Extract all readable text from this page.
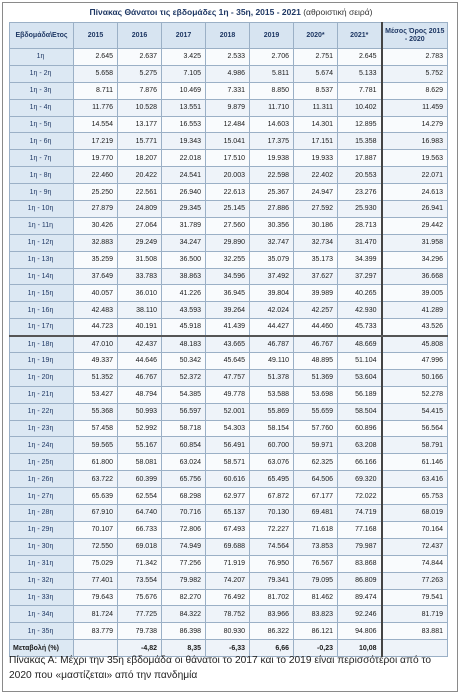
Πίνακας Θάνατοι τις εβδομάδες 1η - 35η, 2015 - 2021 (αθροιστική σειρά)
Εβδομάδα\Ετος	2015	2016	2017	2018	2019	2020*	2021*	Μέσος Όρος 2015 - 2020
1η	2.645	2.637	3.425	2.533	2.706	2.751	2.645	2.783
1η - 2η	5.658	5.275	7.105	4.986	5.811	5.674	5.133	5.752
1η - 3η	8.711	7.876	10.469	7.331	8.850	8.537	7.781	8.629
1η - 4η	11.776	10.528	13.551	9.879	11.710	11.311	10.402	11.459
1η - 5η	14.554	13.177	16.553	12.484	14.603	14.301	12.895	14.279
1η - 6η	17.219	15.771	19.343	15.041	17.375	17.151	15.358	16.983
1η - 7η	19.770	18.207	22.018	17.510	19.938	19.933	17.887	19.563
1η - 8η	22.460	20.422	24.541	20.003	22.598	22.402	20.553	22.071
1η - 9η	25.250	22.561	26.940	22.613	25.367	24.947	23.276	24.613
1η - 10η	27.879	24.809	29.345	25.145	27.886	27.592	25.930	26.941
1η - 11η	30.426	27.064	31.789	27.560	30.356	30.186	28.713	29.442
1η - 12η	32.883	29.249	34.247	29.890	32.747	32.734	31.470	31.958
1η - 13η	35.259	31.508	36.500	32.255	35.079	35.173	34.399	34.296
1η - 14η	37.649	33.783	38.863	34.596	37.492	37.627	37.297	36.668
1η - 15η	40.057	36.010	41.226	36.945	39.804	39.989	40.265	39.005
1η - 16η	42.483	38.110	43.593	39.264	42.024	42.257	42.930	41.289
1η - 17η	44.723	40.191	45.918	41.439	44.427	44.460	45.733	43.526
1η - 18η	47.010	42.437	48.183	43.665	46.787	46.767	48.669	45.808
1η - 19η	49.337	44.646	50.342	45.645	49.110	48.895	51.104	47.996
1η - 20η	51.352	46.767	52.372	47.757	51.378	51.369	53.604	50.166
1η - 21η	53.427	48.794	54.385	49.778	53.588	53.698	56.189	52.278
1η - 22η	55.368	50.993	56.597	52.001	55.869	55.659	58.504	54.415
1η - 23η	57.458	52.992	58.718	54.303	58.154	57.760	60.896	56.564
1η - 24η	59.565	55.167	60.854	56.491	60.700	59.971	63.208	58.791
1η - 25η	61.800	58.081	63.024	58.571	63.076	62.325	66.166	61.146
1η - 26η	63.722	60.399	65.756	60.616	65.495	64.506	69.320	63.416
1η - 27η	65.639	62.554	68.298	62.977	67.872	67.177	72.022	65.753
1η - 28η	67.910	64.740	70.716	65.137	70.130	69.481	74.719	68.019
1η - 29η	70.107	66.733	72.806	67.493	72.227	71.618	77.168	70.164
1η - 30η	72.550	69.018	74.949	69.688	74.564	73.853	79.987	72.437
1η - 31η	75.029	71.342	77.256	71.919	76.950	76.567	83.868	74.844
1η - 32η	77.401	73.554	79.982	74.207	79.341	79.095	86.809	77.263
1η - 33η	79.643	75.676	82.270	76.492	81.702	81.462	89.474	79.541
1η - 34η	81.724	77.725	84.322	78.752	83.966	83.823	92.246	81.719
1η - 35η	83.779	79.738	86.398	80.930	86.322	86.121	94.806	83.881
Μεταβολή (%)		-4,82	8,35	-6,33	6,66	-0,23	10,08	
Πίνακας Α: Μέχρι την 35η εβδομάδα οι θάνατοι το 2017 και το 2019 είναι περισσότεροι από το 2020 που «μαστίζεται» από την πανδημία
